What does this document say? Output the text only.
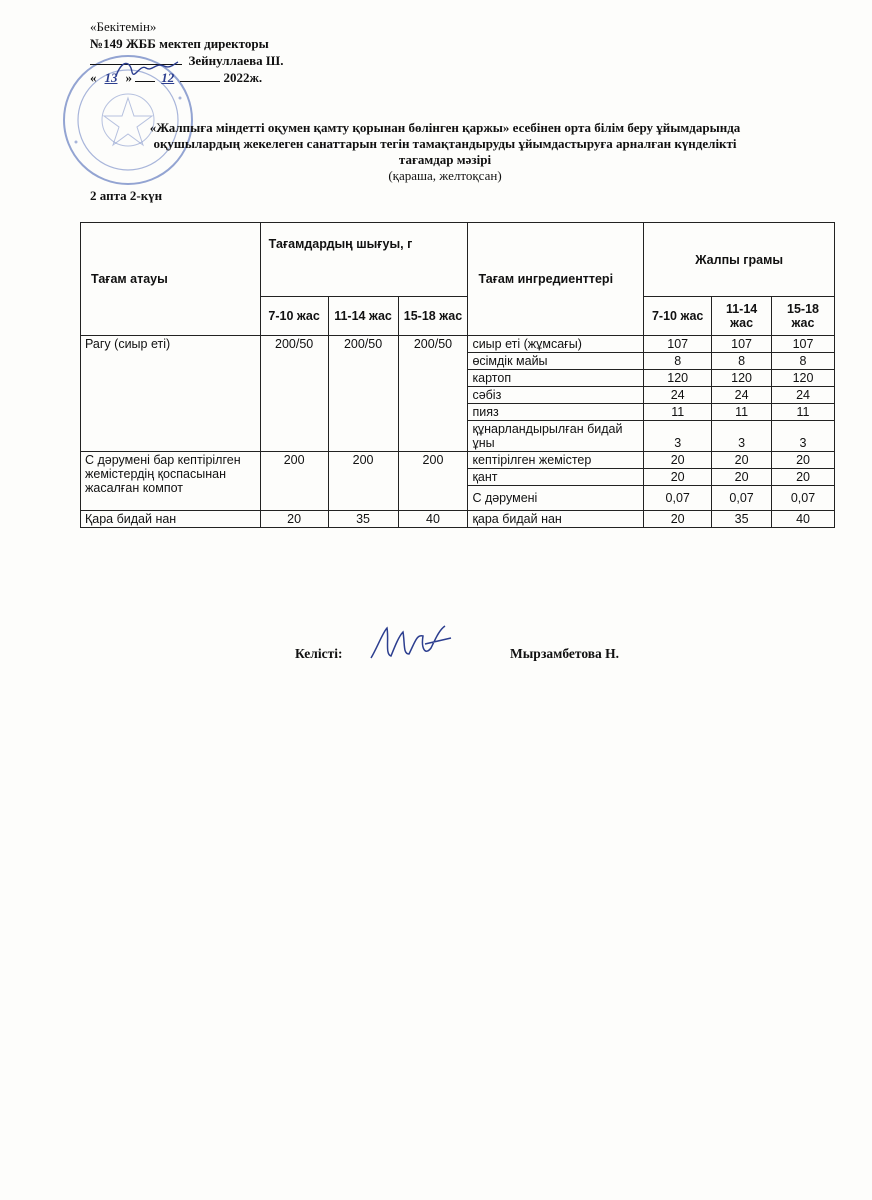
«Бекітемін»
№149 ЖББ мектеп директоры
Зейнуллаева Ш.
« 13 » 12	2022ж.
«Жалпыға міндетті оқумен қамту қорынан бөлінген қаржы» есебінен орта білім беру ұйымдарында
оқушылардың жекелеген санаттарын тегін тамақтандыруды ұйымдастыруға арналған күнделікті
тағамдар мәзірі
(қараша, желтоқсан)
2 апта 2-күн
Тағам атауы	Тағамдардың шығуы, г			Тағам ингредиенттері	Жалпы грамы		
	7-10 жас	11-14 жас	15-18 жас		7-10 жас	11-14 жас	15-18 жас
Рагу (сиыр еті)	200/50	200/50	200/50	сиыр еті (жұмсағы)	107	107	107
				өсімдік майы	8	8	8
				картоп	120	120	120
				сәбіз	24	24	24
				пияз	11	11	11
				құнарландырылған бидай ұны	3	3	3
С дәрумені бар кептірілген жемістердің қоспасынан жасалған компот	200	200	200	кептірілген жемістер	20	20	20
				қант	20	20	20
				С дәрумені	0,07	0,07	0,07
Қара бидай нан	20	35	40	қара бидай нан	20	35	40
Келісті:	Мырзамбетова Н.
